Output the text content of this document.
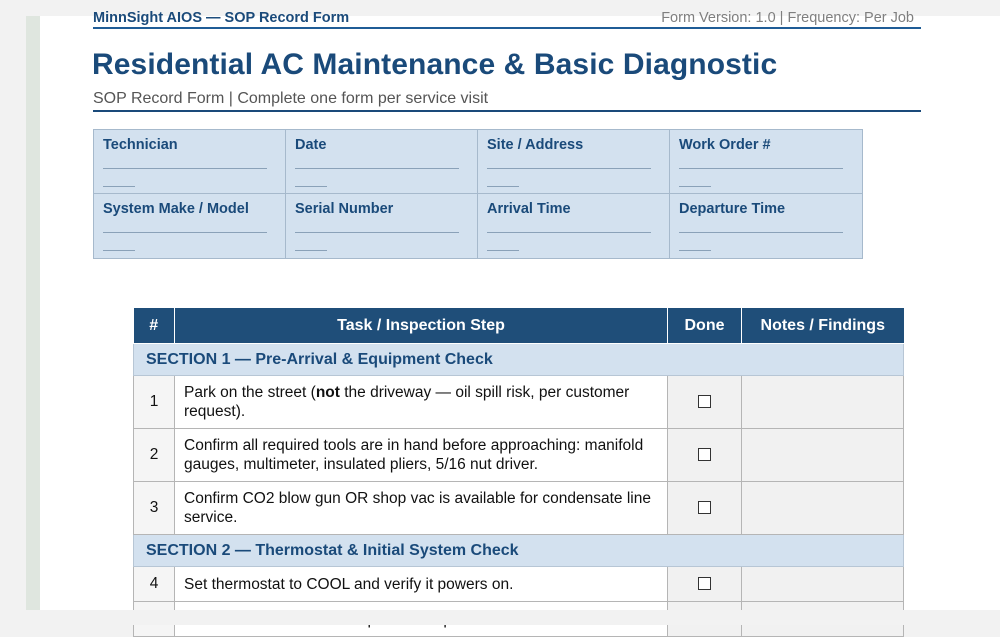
MinnSight AIOS — SOP Record Form	Form Version: 1.0 | Frequency: Per Job
Residential AC Maintenance & Basic Diagnostic
SOP Record Form | Complete one form per service visit
Technician	Date	Site / Address	Work Order #
System Make / Model	Serial Number	Arrival Time	Departure Time
#	Task / Inspection Step	Done	Notes / Findings
SECTION 1 — Pre-Arrival & Equipment Check			
1	Park on the street (not the driveway — oil spill risk, per customer request).		
2	Confirm all required tools are in hand before approaching: manifold gauges, multimeter, insulated pliers, 5/16 nut driver.		
3	Confirm CO2 blow gun OR shop vac is available for condensate line service.		
SECTION 2 — Thermostat & Initial System Check			
4	Set thermostat to COOL and verify it powers on.		
